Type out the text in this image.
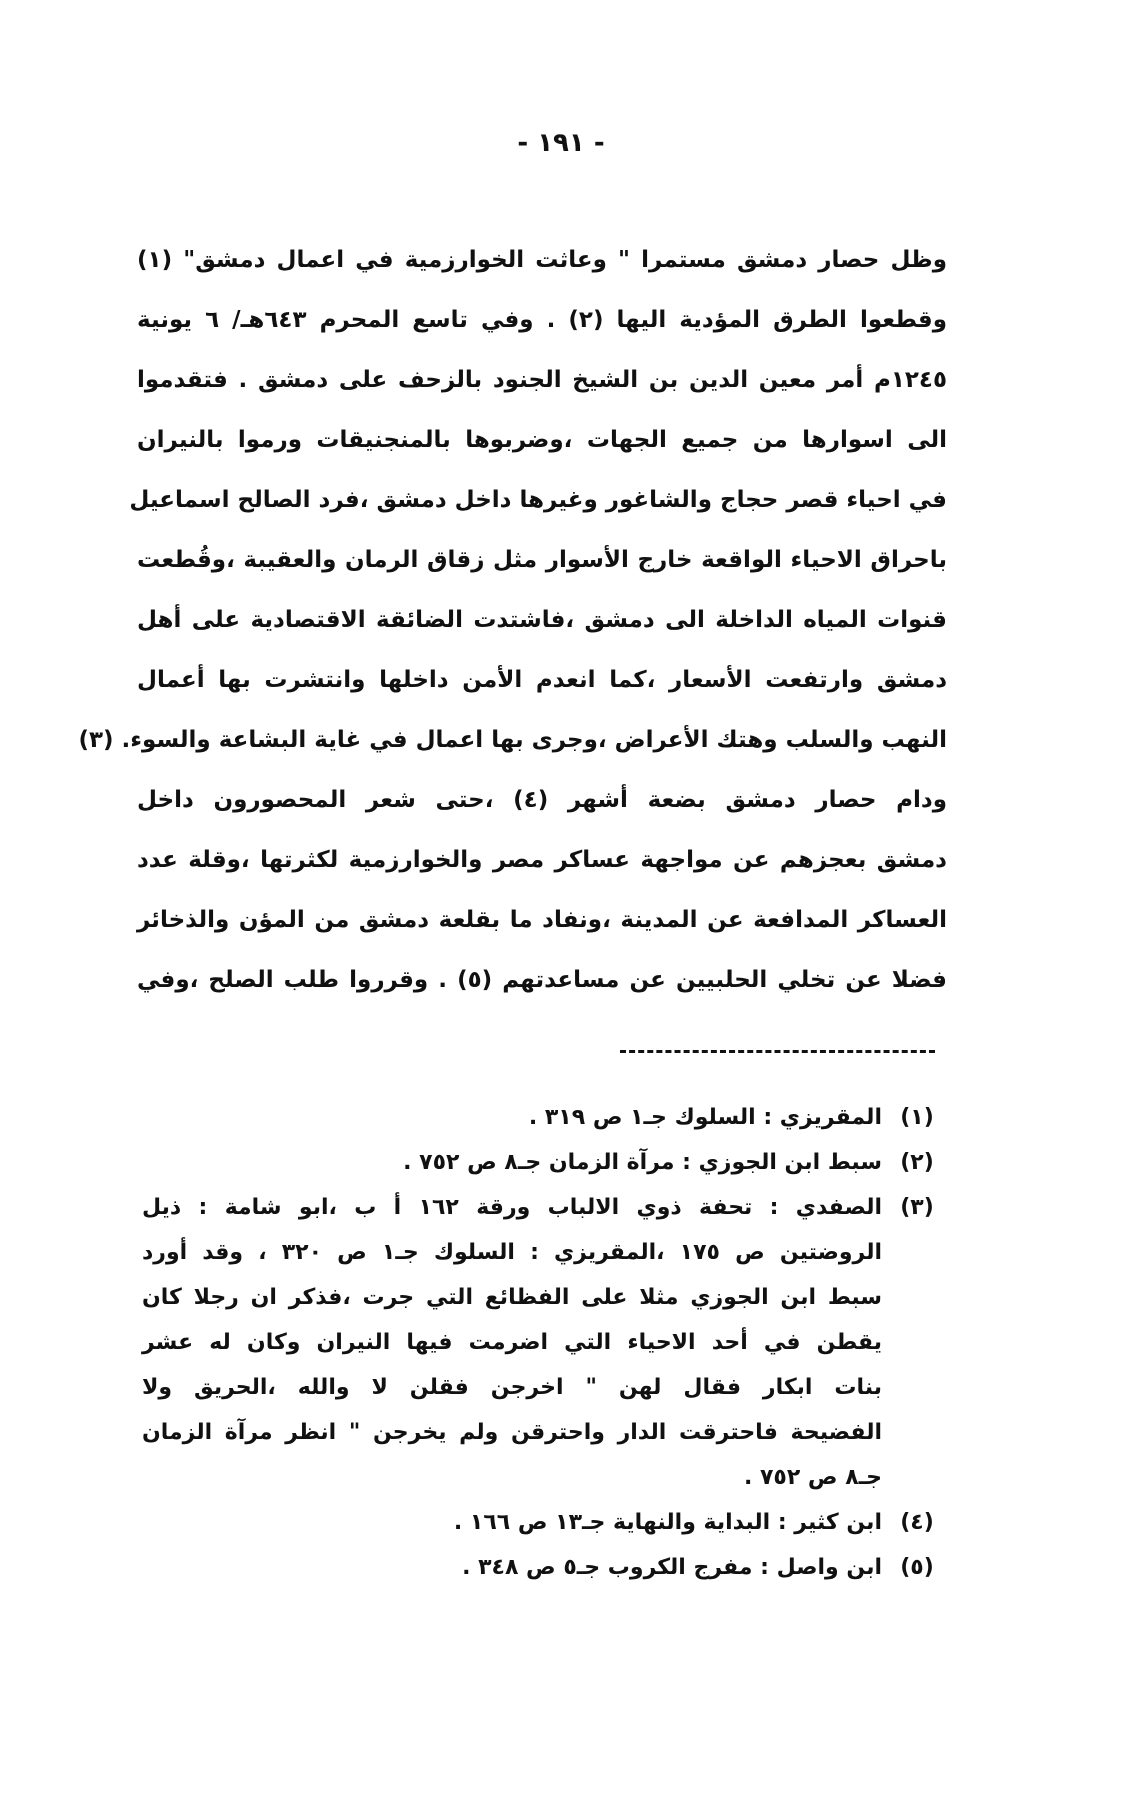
- ١٩١ -
وظل حصار دمشق مستمرا " وعاثت الخوارزمية في اعمال دمشق" (١)
وقطعوا الطرق المؤدية اليها (٢) . وفي تاسع المحرم ٦٤٣هـ/ ٦ يونية
١٢٤٥م أمر معين الدين بن الشيخ الجنود بالزحف على دمشق . فتقدموا
الى اسوارها من جميع الجهات ،وضربوها بالمنجنيقات ورموا بالنيران
في احياء قصر حجاج والشاغور وغيرها داخل دمشق ،فرد الصالح اسماعيل
باحراق الاحياء الواقعة خارج الأسوار مثل زقاق الرمان والعقيبة ،وقُطعت
قنوات المياه الداخلة الى دمشق ،فاشتدت الضائقة الاقتصادية على أهل
دمشق وارتفعت الأسعار ،كما انعدم الأمن داخلها وانتشرت بها أعمال
النهب والسلب وهتك الأعراض ،وجرى بها اعمال في غاية البشاعة والسوء. (٣)
ودام حصار دمشق بضعة أشهر (٤) ،حتى شعر المحصورون داخل
دمشق بعجزهم عن مواجهة عساكر مصر والخوارزمية لكثرتها ،وقلة عدد
العساكر المدافعة عن المدينة ،ونفاد ما بقلعة دمشق من المؤن والذخائر
فضلا عن تخلي الحلبيين عن مساعدتهم (٥) . وقرروا طلب الصلح ،وفي
(١)
المقريزي : السلوك جـ١ ص ٣١٩ .
(٢)
سبط ابن الجوزي : مرآة الزمان جـ٨ ص ٧٥٢ .
(٣)
الصفدي : تحفة ذوي الالباب ورقة ١٦٢ أ ب ،ابو شامة : ذيل
الروضتين ص ١٧٥ ،المقريزي : السلوك جـ١ ص ٣٢٠ ، وقد أورد
سبط ابن الجوزي مثلا على الفظائع التي جرت ،فذكر ان رجلا كان
يقطن في أحد الاحياء التي اضرمت فيها النيران وكان له عشر
بنات ابكار فقال لهن " اخرجن فقلن لا والله ،الحريق ولا
الفضيحة فاحترقت الدار واحترقن ولم يخرجن " انظر مرآة الزمان
جـ٨ ص ٧٥٢ .
(٤)
ابن كثير : البداية والنهاية جـ١٣ ص ١٦٦ .
(٥)
ابن واصل : مفرج الكروب جـ٥ ص ٣٤٨ .
